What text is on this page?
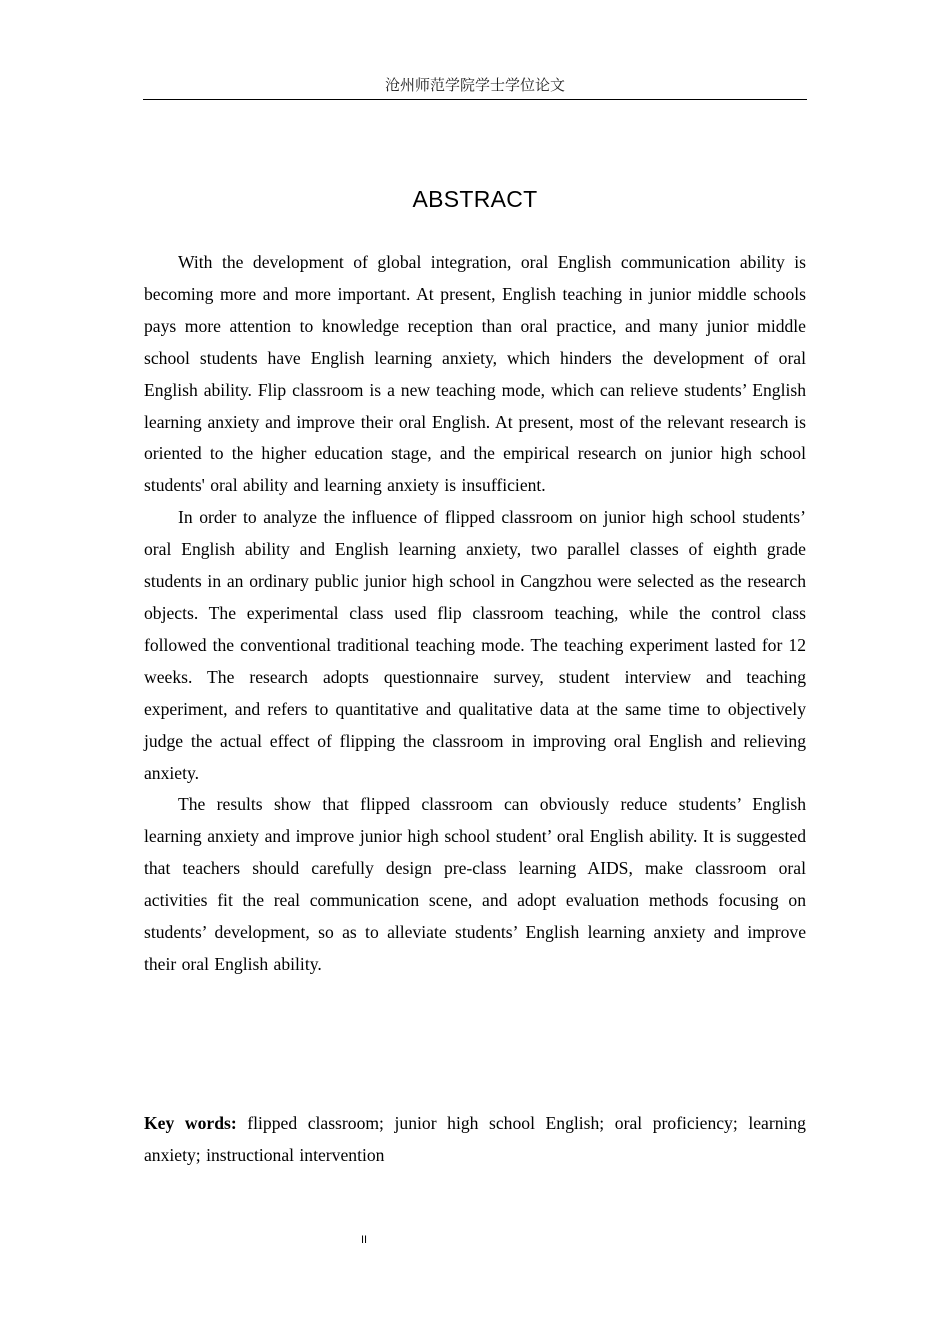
沧州师范学院学士学位论文
ABSTRACT

With the development of global integration, oral English communication ability is becoming more and more important. At present, English teaching in junior middle schools pays more attention to knowledge reception than oral practice, and many junior middle school students have English learning anxiety, which hinders the development of oral English ability. Flip classroom is a new teaching mode, which can relieve students’ English learning anxiety and improve their oral English. At present, most of the relevant research is oriented to the higher education stage, and the empirical research on junior high school students' oral ability and learning anxiety is insufficient.

In order to analyze the influence of flipped classroom on junior high school students’ oral English ability and English learning anxiety, two parallel classes of eighth grade students in an ordinary public junior high school in Cangzhou were selected as the research objects. The experimental class used flip classroom teaching, while the control class followed the conventional traditional teaching mode. The teaching experiment lasted for 12 weeks. The research adopts questionnaire survey, student interview and teaching experiment, and refers to quantitative and qualitative data at the same time to objectively judge the actual effect of flipping the classroom in improving oral English and relieving anxiety.

The results show that flipped classroom can obviously reduce students’ English learning anxiety and improve junior high school student’ oral English ability. It is suggested that teachers should carefully design pre-class learning AIDS, make classroom oral activities fit the real communication scene, and adopt evaluation methods focusing on students’ development, so as to alleviate students’ English learning anxiety and improve their oral English ability.

Key words: flipped classroom; junior high school English; oral proficiency; learning anxiety; instructional intervention
II
